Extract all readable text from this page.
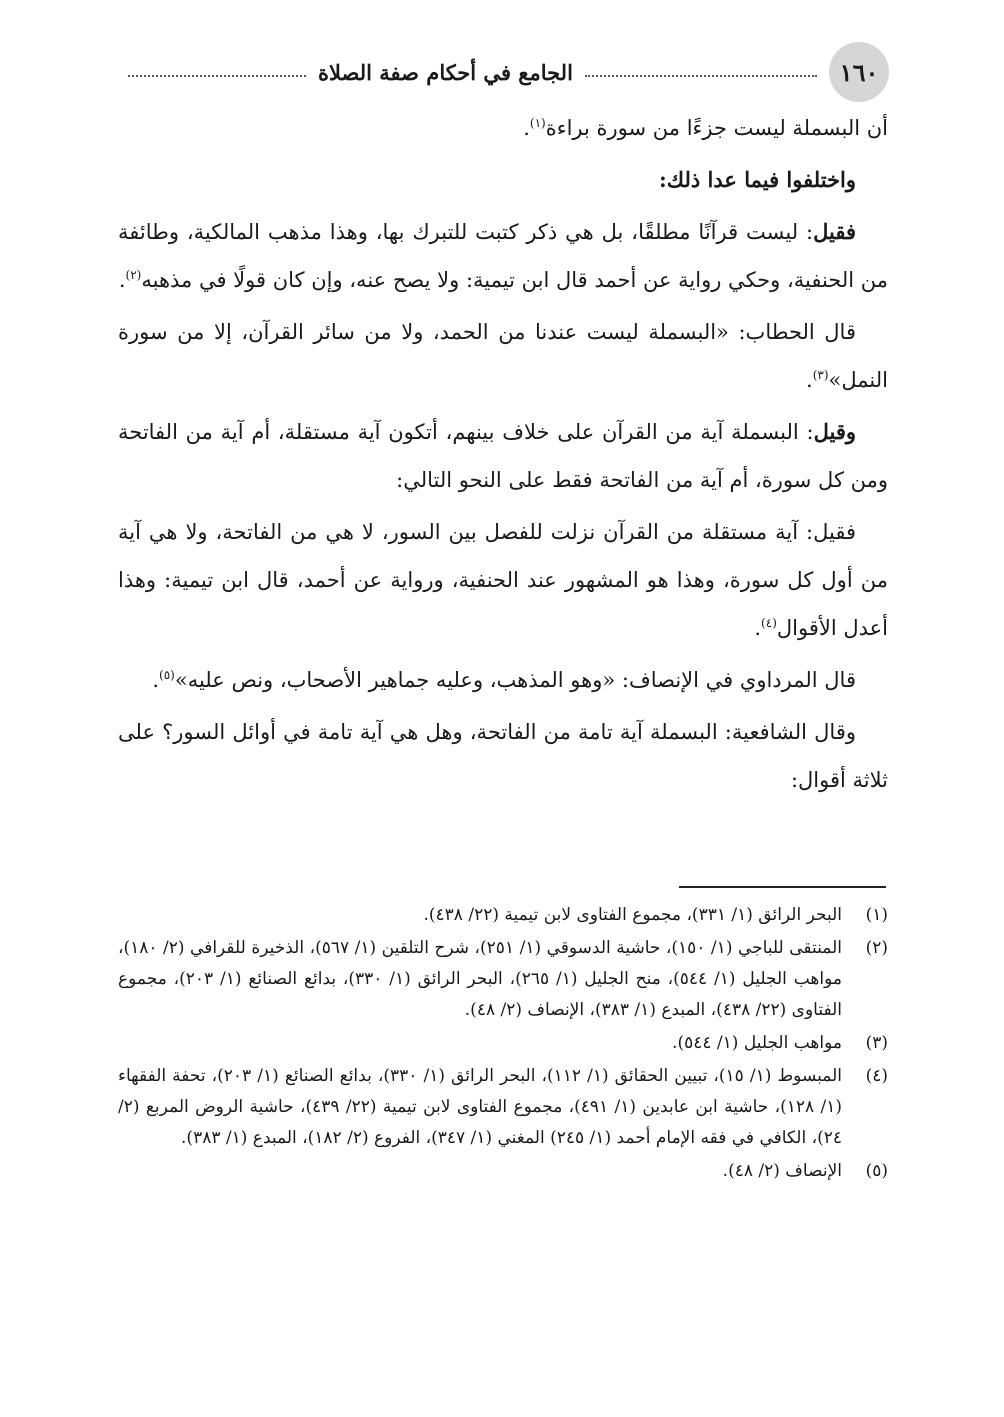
١٦٠
الجامع في أحكام صفة الصلاة

أن البسملة ليست جزءًا من سورة براءة$^{(١)}$.

واختلفوا فيما عدا ذلك:

فقيل: ليست قرآنًا مطلقًا، بل هي ذكر كتبت للتبرك بها، وهذا مذهب المالكية، وطائفة من الحنفية، وحكي رواية عن أحمد قال ابن تيمية: ولا يصح عنه، وإن كان قولًا في مذهبه$^{(٢)}$.

قال الحطاب: «البسملة ليست عندنا من الحمد، ولا من سائر القرآن، إلا من سورة النمل»$^{(٣)}$.

وقيل: البسملة آية من القرآن على خلاف بينهم، أتكون آية مستقلة، أم آية من الفاتحة ومن كل سورة، أم آية من الفاتحة فقط على النحو التالي:

فقيل: آية مستقلة من القرآن نزلت للفصل بين السور، لا هي من الفاتحة، ولا هي آية من أول كل سورة، وهذا هو المشهور عند الحنفية، ورواية عن أحمد، قال ابن تيمية: وهذا أعدل الأقوال$^{(٤)}$.

قال المرداوي في الإنصاف: «وهو المذهب، وعليه جماهير الأصحاب، ونص عليه»$^{(٥)}$.

وقال الشافعية: البسملة آية تامة من الفاتحة، وهل هي آية تامة في أوائل السور؟ على ثلاثة أقوال:

(١)
البحر الرائق (١/ ٣٣١)، مجموع الفتاوى لابن تيمية (٢٢/ ٤٣٨).
(٢)
المنتقى للباجي (١/ ١٥٠)، حاشية الدسوقي (١/ ٢٥١)، شرح التلقين (١/ ٥٦٧)، الذخيرة للقرافي (٢/ ١٨٠)، مواهب الجليل (١/ ٥٤٤)، منح الجليل (١/ ٢٦٥)، البحر الرائق (١/ ٣٣٠)، بدائع الصنائع (١/ ٢٠٣)، مجموع الفتاوى (٢٢/ ٤٣٨)، المبدع (١/ ٣٨٣)، الإنصاف (٢/ ٤٨).
(٣)
مواهب الجليل (١/ ٥٤٤).
(٤)
المبسوط (١/ ١٥)، تبيين الحقائق (١/ ١١٢)، البحر الرائق (١/ ٣٣٠)، بدائع الصنائع (١/ ٢٠٣)، تحفة الفقهاء (١/ ١٢٨)، حاشية ابن عابدين (١/ ٤٩١)، مجموع الفتاوى لابن تيمية (٢٢/ ٤٣٩)، حاشية الروض المربع (٢/ ٢٤)، الكافي في فقه الإمام أحمد (١/ ٢٤٥) المغني (١/ ٣٤٧)، الفروع (٢/ ١٨٢)، المبدع (١/ ٣٨٣).
(٥)
الإنصاف (٢/ ٤٨).
